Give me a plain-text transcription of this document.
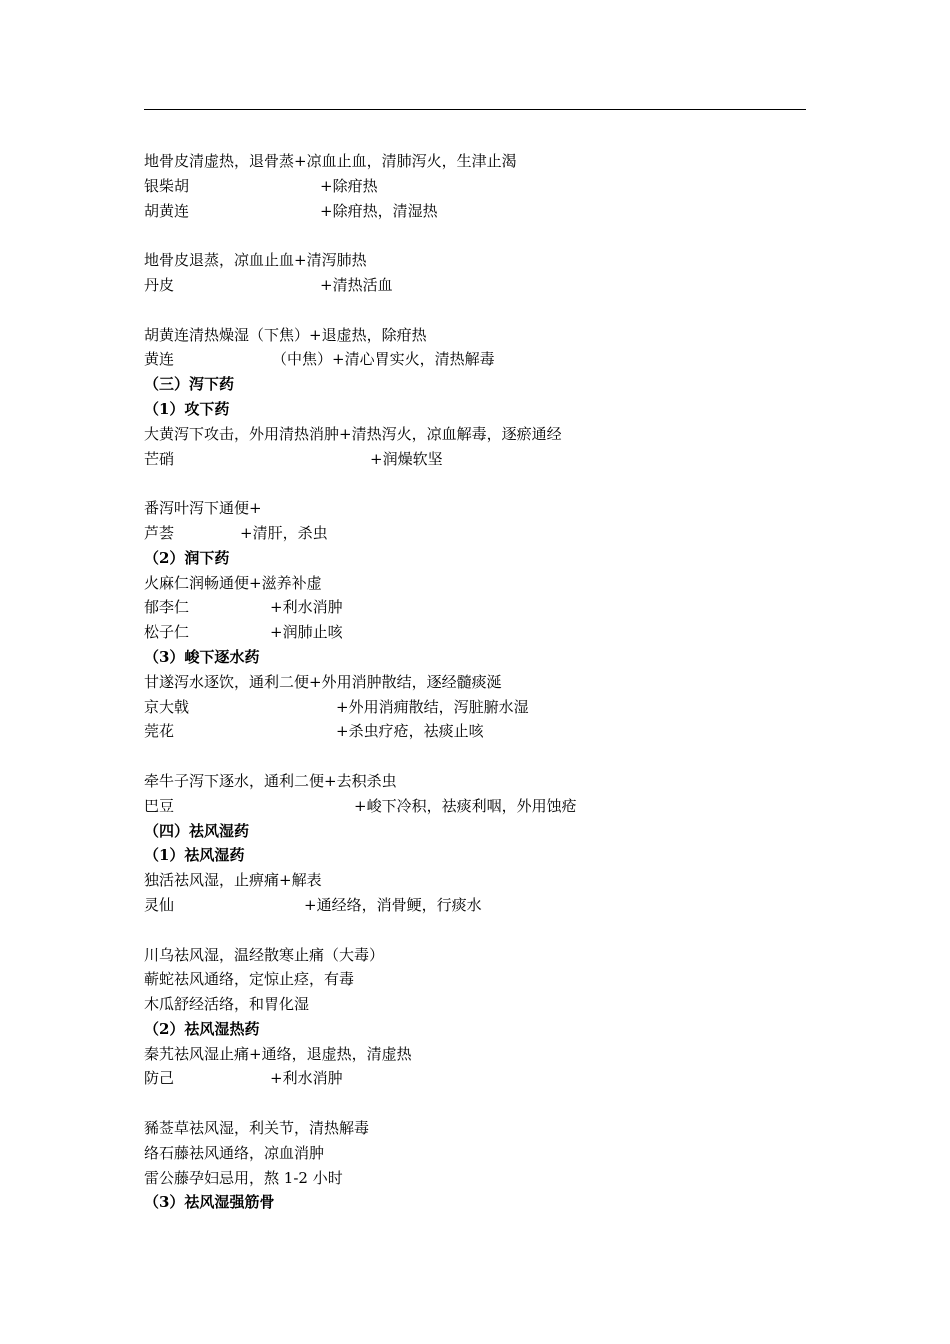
地骨皮清虚热，退骨蒸+凉血止血，清肺泻火，生津止渴
银柴胡	+除疳热
胡黄连	+除疳热，清湿热
地骨皮退蒸，凉血止血+清泻肺热
丹皮	+清热活血
胡黄连清热燥湿（下焦）+退虚热，除疳热
黄连	（中焦）+清心胃实火，清热解毒
（三）泻下药
（1）攻下药
大黄泻下攻击，外用清热消肿+清热泻火，凉血解毒，逐瘀通经
芒硝	+润燥软坚
番泻叶泻下通便+
芦荟	+清肝，杀虫
（2）润下药
火麻仁润畅通便+滋养补虚
郁李仁	+利水消肿
松子仁	+润肺止咳
（3）峻下逐水药
甘遂泻水逐饮，通利二便+外用消肿散结，逐经髓痰涎
京大戟	+外用消痈散结，泻脏腑水湿
莞花	+杀虫疗疮，祛痰止咳
牵牛子泻下逐水，通利二便+去积杀虫
巴豆	+峻下冷积，祛痰利咽，外用蚀疮
（四）祛风湿药
（1）祛风湿药
独活祛风湿，止痹痛+解表
灵仙	+通经络，消骨鲠，行痰水
川乌祛风湿，温经散寒止痛（大毒）
蕲蛇祛风通络，定惊止痉，有毒
木瓜舒经活络，和胃化湿
（2）祛风湿热药
秦艽祛风湿止痛+通络，退虚热，清虚热
防己	+利水消肿
豨莶草祛风湿，利关节，清热解毒
络石藤祛风通络，凉血消肿
雷公藤孕妇忌用，熬 1-2 小时
（3）祛风湿强筋骨
